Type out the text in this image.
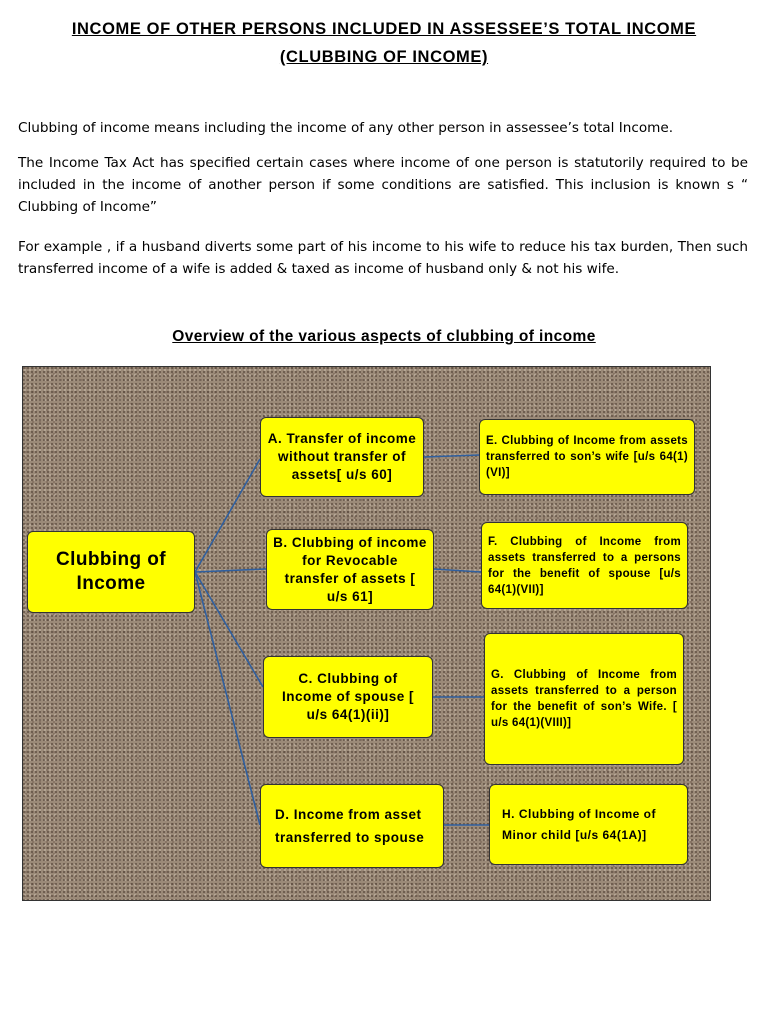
INCOME OF OTHER PERSONS INCLUDED IN ASSESSEE’S TOTAL INCOME
(CLUBBING OF INCOME)

Clubbing of income means including the income of any other person in assessee’s total Income.

The Income Tax Act has specified certain cases where income of one person is statutorily required to be included in the income of another person if some conditions are satisfied. This inclusion is known s “ Clubbing of Income”

For example , if a husband diverts some part of his income to his wife to reduce his tax burden, Then such transferred income of a wife is added & taxed as income of husband only & not his wife.

Overview of the various aspects of clubbing of income
Clubbing of Income
A. Transfer of income without transfer of assets[ u/s 60]
B. Clubbing of income for Revocable transfer of assets [ u/s 61]
C. Clubbing of Income of spouse [ u/s 64(1)(ii)]
D. Income from asset transferred to spouse
E. Clubbing of Income from assets transferred to son’s wife [u/s 64(1)(VI)]
F. Clubbing of Income from assets transferred to a persons for the benefit of spouse [u/s 64(1)(VII)]
G. Clubbing of Income from assets transferred to a person for the benefit of son’s Wife. [ u/s 64(1)(VIII)]
H. Clubbing of Income of Minor child [u/s 64(1A)]
